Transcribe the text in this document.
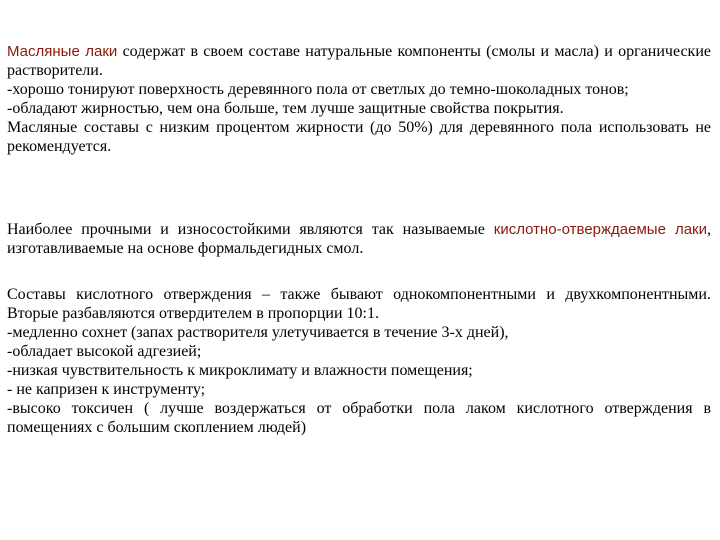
Масляные лаки содержат в своем составе натуральные компоненты (смолы и масла) и органические растворители.

-хорошо тонируют поверхность деревянного пола от светлых до темно-шоколадных тонов;

-обладают жирностью, чем она больше, тем лучше защитные свойства покрытия.

Масляные составы с низким процентом жирности (до 50%) для деревянного пола использовать не рекомендуется.

Наиболее прочными и износостойкими являются так называемые кислотно-отверждаемые лаки, изготавливаемые на основе формальдегидных смол.

Составы кислотного отверждения – также бывают однокомпонентными и двухкомпонентными. Вторые разбавляются отвердителем в пропорции 10:1.

-медленно сохнет (запах растворителя улетучивается в течение 3-х дней),

-обладает высокой адгезией;

-низкая чувствительность к микроклимату и влажности помещения;

- не капризен к инструменту;

-высоко токсичен ( лучше воздержаться от обработки пола лаком кислотного отверждения в помещениях с большим скоплением людей)
